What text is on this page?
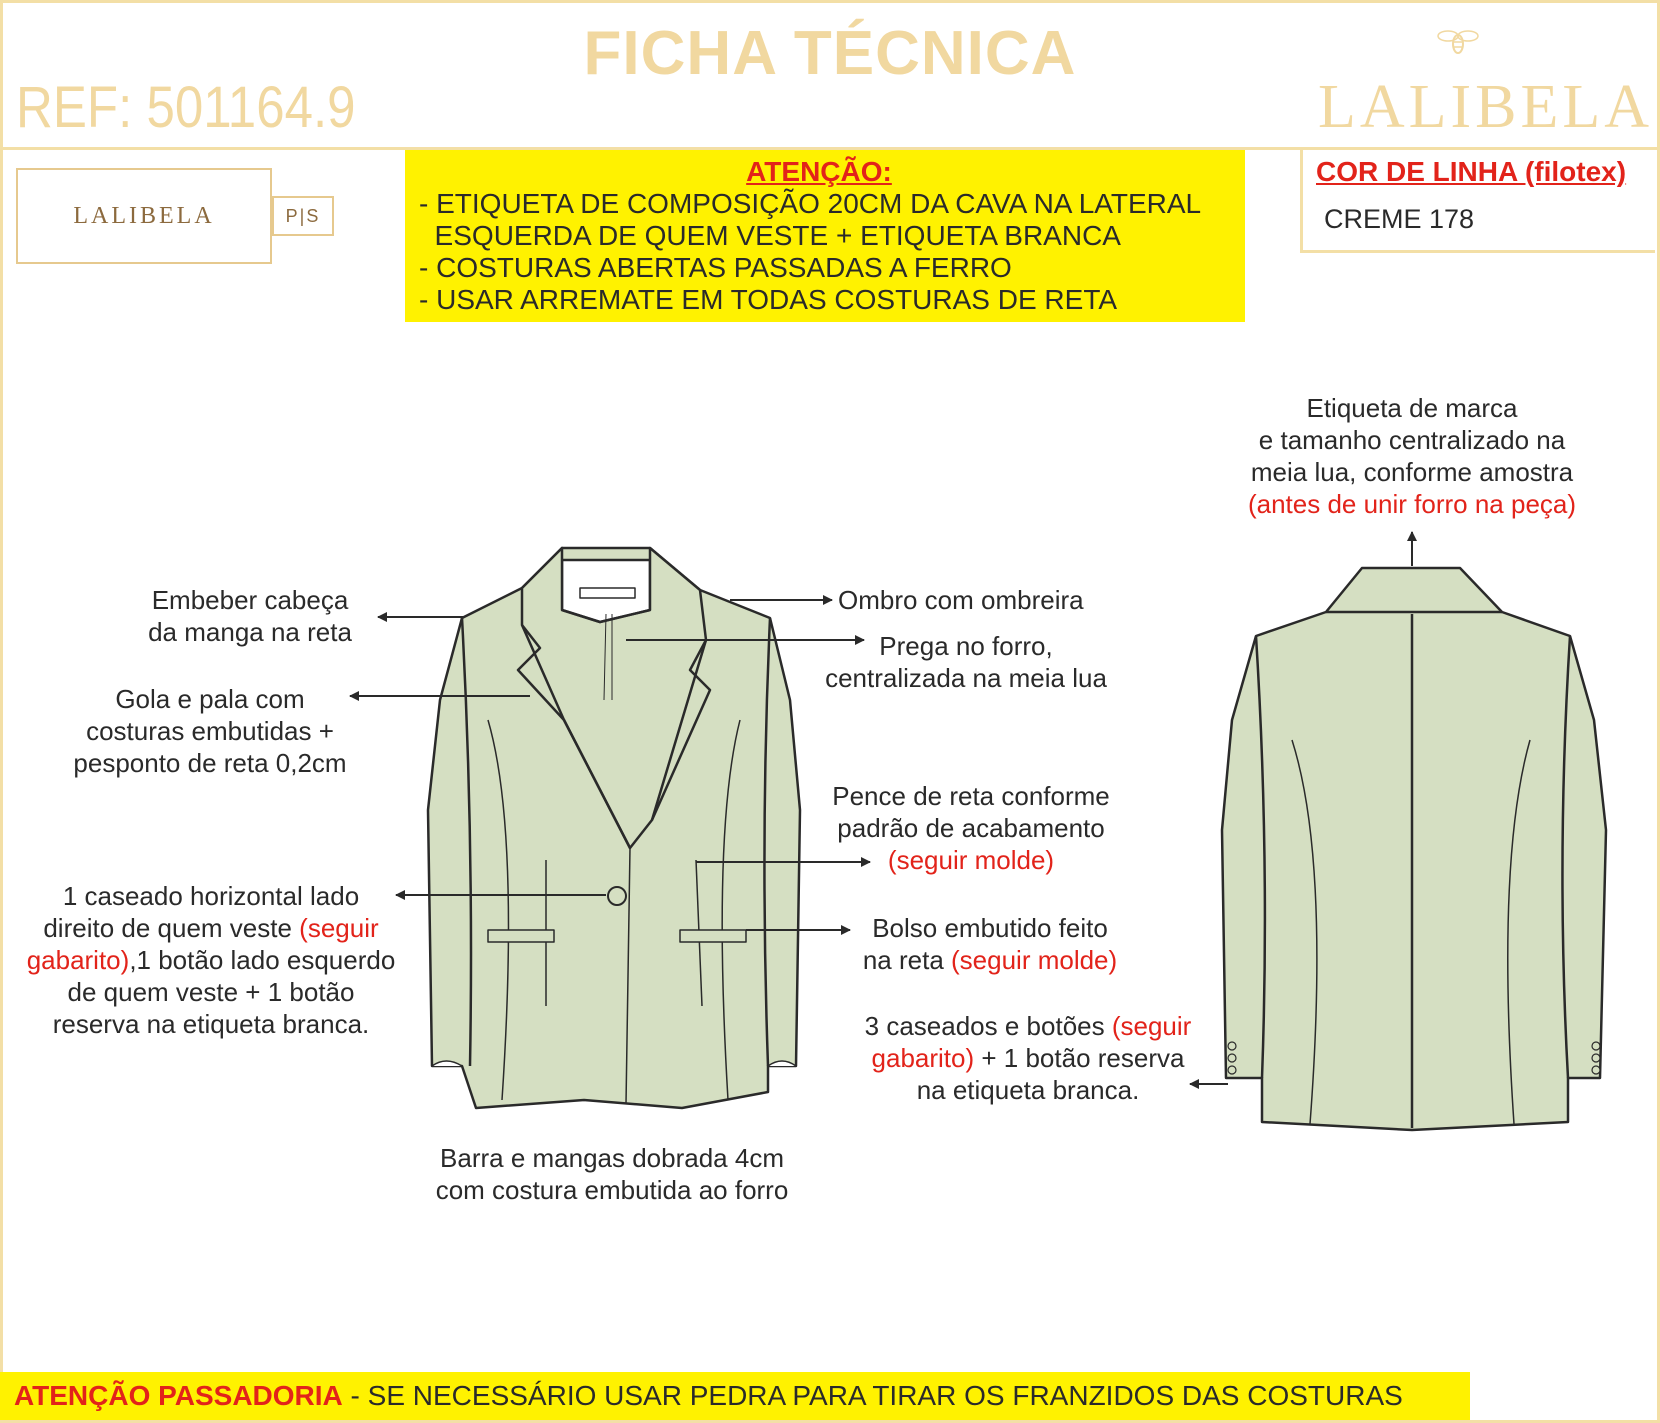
FICHA TÉCNICA
REF: 501164.9	LALIBELA
LALIBELA	P|S
ATENÇÃO:
- ETIQUETA DE COMPOSIÇÃO 20CM DA CAVA NA LATERAL
ESQUERDA DE QUEM VESTE + ETIQUETA BRANCA
- COSTURAS ABERTAS PASSADAS A FERRO
- USAR ARREMATE EM TODAS COSTURAS DE RETA
COR DE LINHA (filotex)
CREME 178
Embeber cabeça
da manga na reta
Gola e pala com
costuras embutidas +
pesponto de reta 0,2cm
1 caseado horizontal lado
direito de quem veste (seguir
gabarito),1 botão lado esquerdo
de quem veste + 1 botão
reserva na etiqueta branca.
Ombro com ombreira
Prega no forro,
centralizada na meia lua
Pence de reta conforme
padrão de acabamento
(seguir molde)
Bolso embutido feito
na reta (seguir molde)
3 caseados e botões (seguir
gabarito) + 1 botão reserva
na etiqueta branca.
Barra e mangas dobrada 4cm
com costura embutida ao forro
Etiqueta de marca
e tamanho centralizado na
meia lua, conforme amostra
(antes de unir forro na peça)
ATENÇÃO PASSADORIA - SE NECESSÁRIO USAR PEDRA PARA TIRAR OS FRANZIDOS DAS COSTURAS
